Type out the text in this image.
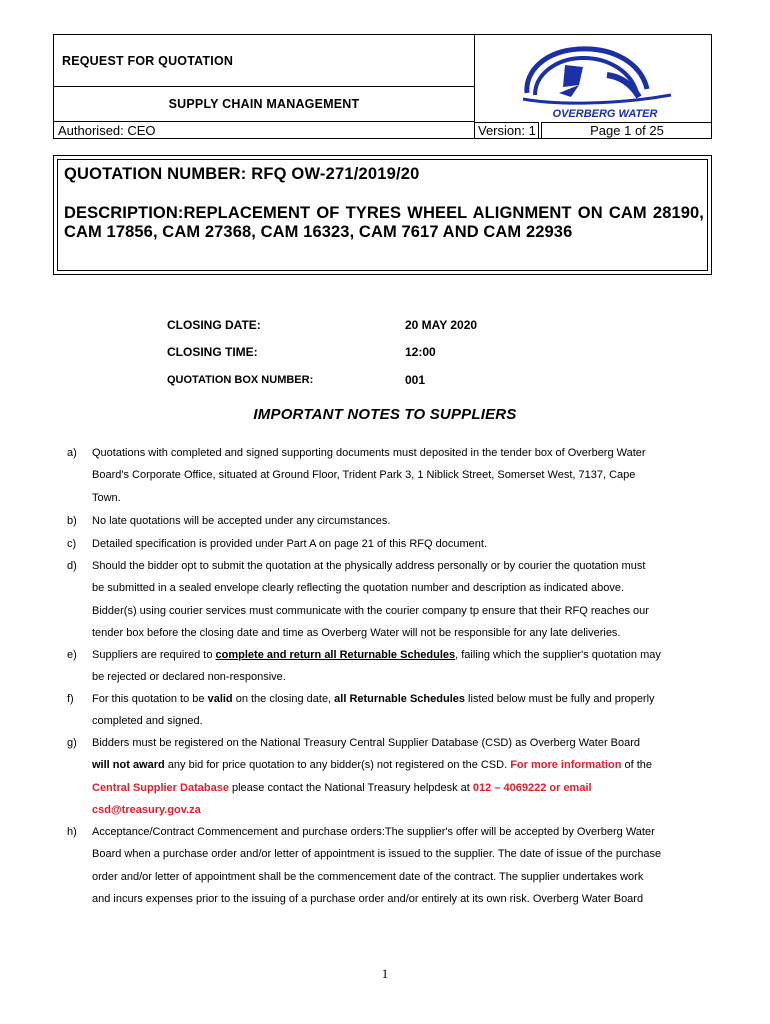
REQUEST FOR QUOTATION
SUPPLY CHAIN MANAGEMENT
Authorised: CEO
OVERBERG WATER
Version: 1	Page 1 of 25
QUOTATION NUMBER: RFQ OW-271/2019/20
DESCRIPTION:REPLACEMENT OF TYRES WHEEL ALIGNMENT ON CAM 28190, CAM 17856, CAM 27368, CAM 16323, CAM 7617 AND CAM 22936
CLOSING DATE:	20 MAY 2020
CLOSING TIME:	12:00
QUOTATION BOX NUMBER:	001
IMPORTANT NOTES TO SUPPLIERS
a) Quotations with completed and signed supporting documents must deposited in the tender box of Overberg Water
Board's Corporate Office, situated at Ground Floor, Trident Park 3, 1 Niblick Street, Somerset West, 7137, Cape
Town.
b) No late quotations will be accepted under any circumstances.
c) Detailed specification is provided under Part A on page 21 of this RFQ document.
d) Should the bidder opt to submit the quotation at the physically address personally or by courier the quotation must
be submitted in a sealed envelope clearly reflecting the quotation number and description as indicated above.
Bidder(s) using courier services must communicate with the courier company tp ensure that their RFQ reaches our
tender box before the closing date and time as Overberg Water will not be responsible for any late deliveries.
e) Suppliers are required to complete and return all Returnable Schedules, failing which the supplier's quotation may
be rejected or declared non-responsive.
f) For this quotation to be valid on the closing date, all Returnable Schedules listed below must be fully and properly
completed and signed.
g) Bidders must be registered on the National Treasury Central Supplier Database (CSD) as Overberg Water Board
will not award any bid for price quotation to any bidder(s) not registered on the CSD. For more information of the
Central Supplier Database please contact the National Treasury helpdesk at 012 – 4069222 or email
csd@treasury.gov.za
h) Acceptance/Contract Commencement and purchase orders:The supplier's offer will be accepted by Overberg Water
Board when a purchase order and/or letter of appointment is issued to the supplier. The date of issue of the purchase
order and/or letter of appointment shall be the commencement date of the contract. The supplier undertakes work
and incurs expenses prior to the issuing of a purchase order and/or entirely at its own risk. Overberg Water Board
1
